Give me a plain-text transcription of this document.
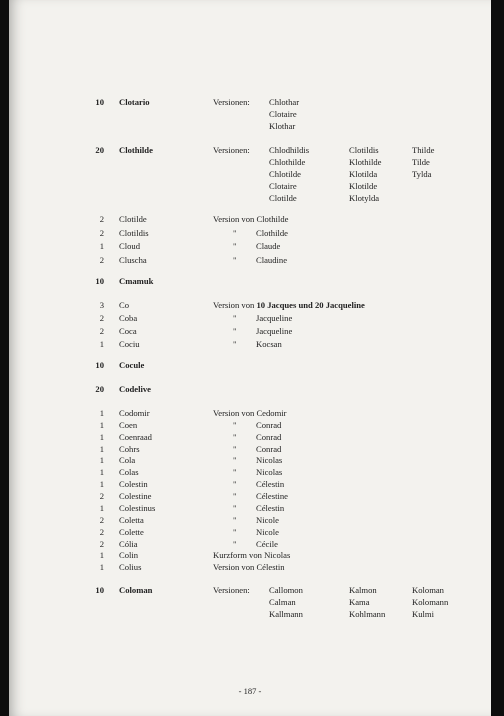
10 Clotario	Versionen: Chlothar
Clotaire
Klothar
20 Clothilde	Versionen: Chlodhildis	Clotildis	Thilde
Chlothilde	Klothilde	Tilde
Chlotilde	Klotilda	Tylda
Clotaire	Klotilde
Clotilde	Klotylda
2 Clotilde	Version von Clothilde
2 Clotildis	" Clothilde
1 Cloud	" Claude
2 Cluscha	" Claudine
10 Cmamuk
3 Co	Version von 10 Jacques und 20 Jacqueline
2 Coba	" Jacqueline
2 Coca	" Jacqueline
1 Cociu	" Kocsan
10 Cocule
20 Codelive
1 Codomir	Version von Cedomir
1 Coen	" Conrad
1 Coenraad	" Conrad
1 Cohrs	" Conrad
1 Cola	" Nicolas
1 Colas	" Nicolas
1 Colestin	" Célestin
2 Colestine	" Célestine
1 Colestinus	" Célestin
2 Coletta	" Nicole
2 Colette	" Nicole
2 Cólia	" Cécile
1 Colin	Kurzform von Nicolas
1 Colius	Version von Célestin
10 Coloman	Versionen: Callomon	Kalmon	Koloman
Calman	Kama	Kolomann
Kallmann	Kohlmann	Kulmi
- 187 -
